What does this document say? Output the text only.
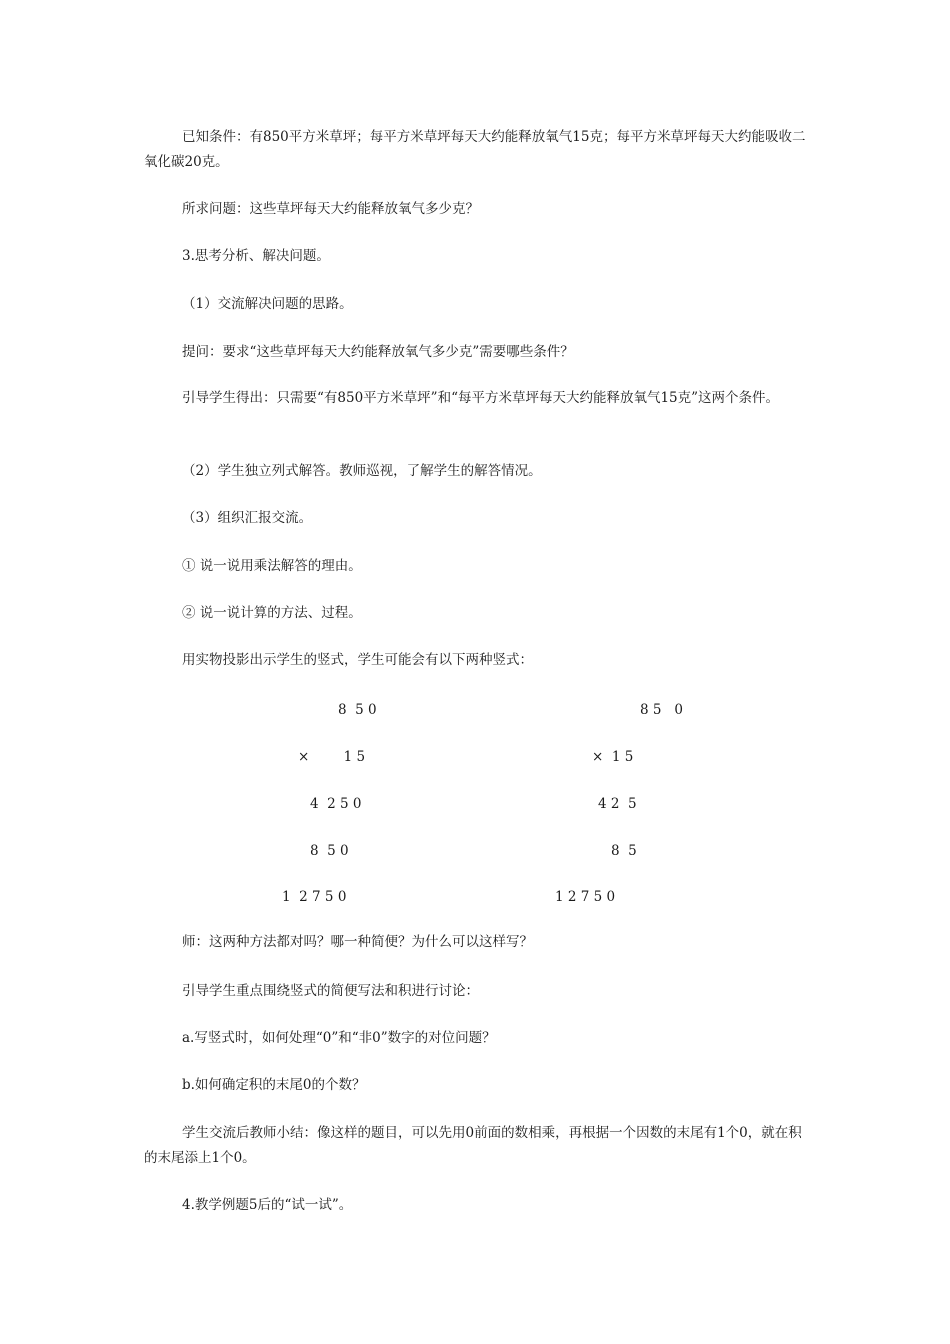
已知条件：有850平方米草坪；每平方米草坪每天大约能释放氧气15克；每平方米草坪每天大约能吸收二氧化碳20克。
所求问题：这些草坪每天大约能释放氧气多少克？
3.思考分析、解决问题。
（1）交流解决问题的思路。
提问：要求“这些草坪每天大约能释放氧气多少克”需要哪些条件？
引导学生得出：只需要“有850平方米草坪”和“每平方米草坪每天大约能释放氧气15克”这两个条件。
（2）学生独立列式解答。教师巡视，了解学生的解答情况。
（3）组织汇报交流。
① 说一说用乘法解答的理由。
② 说一说计算的方法、过程。
用实物投影出示学生的竖式，学生可能会有以下两种竖式：
8  5 0
×        1 5
4  2 5 0
8  5 0
1  2 7 5 0
8 5   0
×  1 5
4 2  5
8  5
1 2 7 5 0
师：这两种方法都对吗？哪一种简便？为什么可以这样写？
引导学生重点围绕竖式的简便写法和积进行讨论：
a.写竖式时，如何处理“0”和“非0”数字的对位问题？
b.如何确定积的末尾0的个数？
学生交流后教师小结：像这样的题目，可以先用0前面的数相乘，再根据一个因数的末尾有1个0，就在积的末尾添上1个0。
4.教学例题5后的“试一试”。
